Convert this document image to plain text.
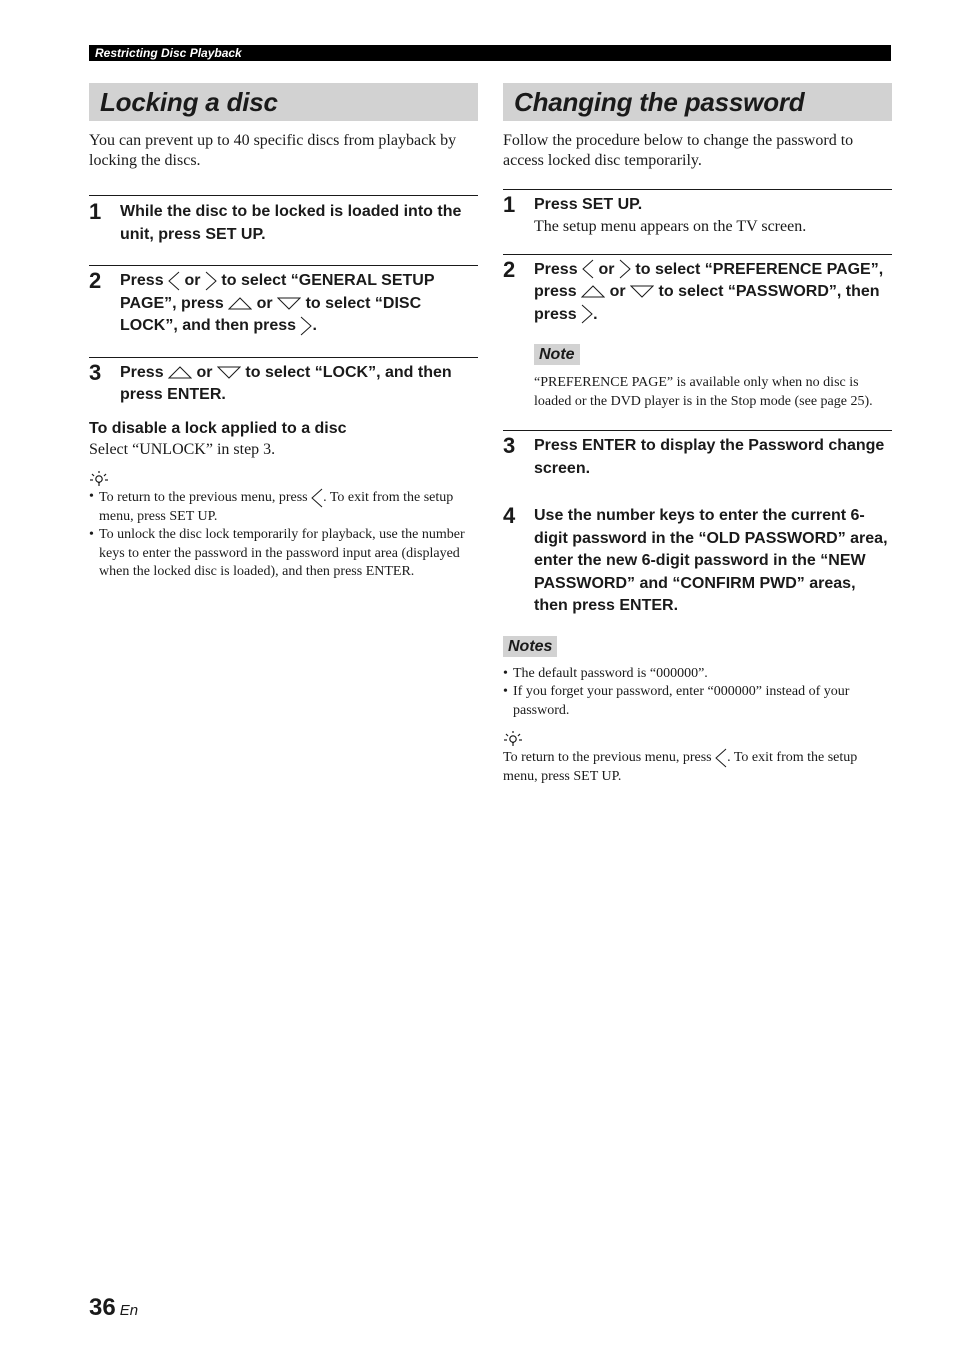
Restricting Disc Playback
Locking a disc

You can prevent up to 40 specific discs from playback by locking the discs.

1 While the disc to be locked is loaded into the unit, press SET UP.
2 Press or to select “GENERAL SETUP PAGE”, press or to select “DISC LOCK”, and then press .
3 Press or to select “LOCK”, and then press ENTER.
To disable a lock applied to a disc
Select “UNLOCK” in step 3.
• To return to the previous menu, press . To exit from the setup menu, press SET UP.
• To unlock the disc lock temporarily for playback, use the number keys to enter the password in the password input area (displayed when the locked disc is loaded), and then press ENTER.
Changing the password

Follow the procedure below to change the password to access locked disc temporarily.

1 Press SET UP.
The setup menu appears on the TV screen.
2 Press or to select “PREFERENCE PAGE”, press or to select “PASSWORD”, then press .
Note
“PREFERENCE PAGE” is available only when no disc is loaded or the DVD player is in the Stop mode (see page 25).
3 Press ENTER to display the Password change screen.
4 Use the number keys to enter the current 6-digit password in the “OLD PASSWORD” area, enter the new 6-digit password in the “NEW PASSWORD” and “CONFIRM PWD” areas, then press ENTER.
Notes
• The default password is “000000”.
• If you forget your password, enter “000000” instead of your password.
To return to the previous menu, press . To exit from the setup menu, press SET UP.
36 En
